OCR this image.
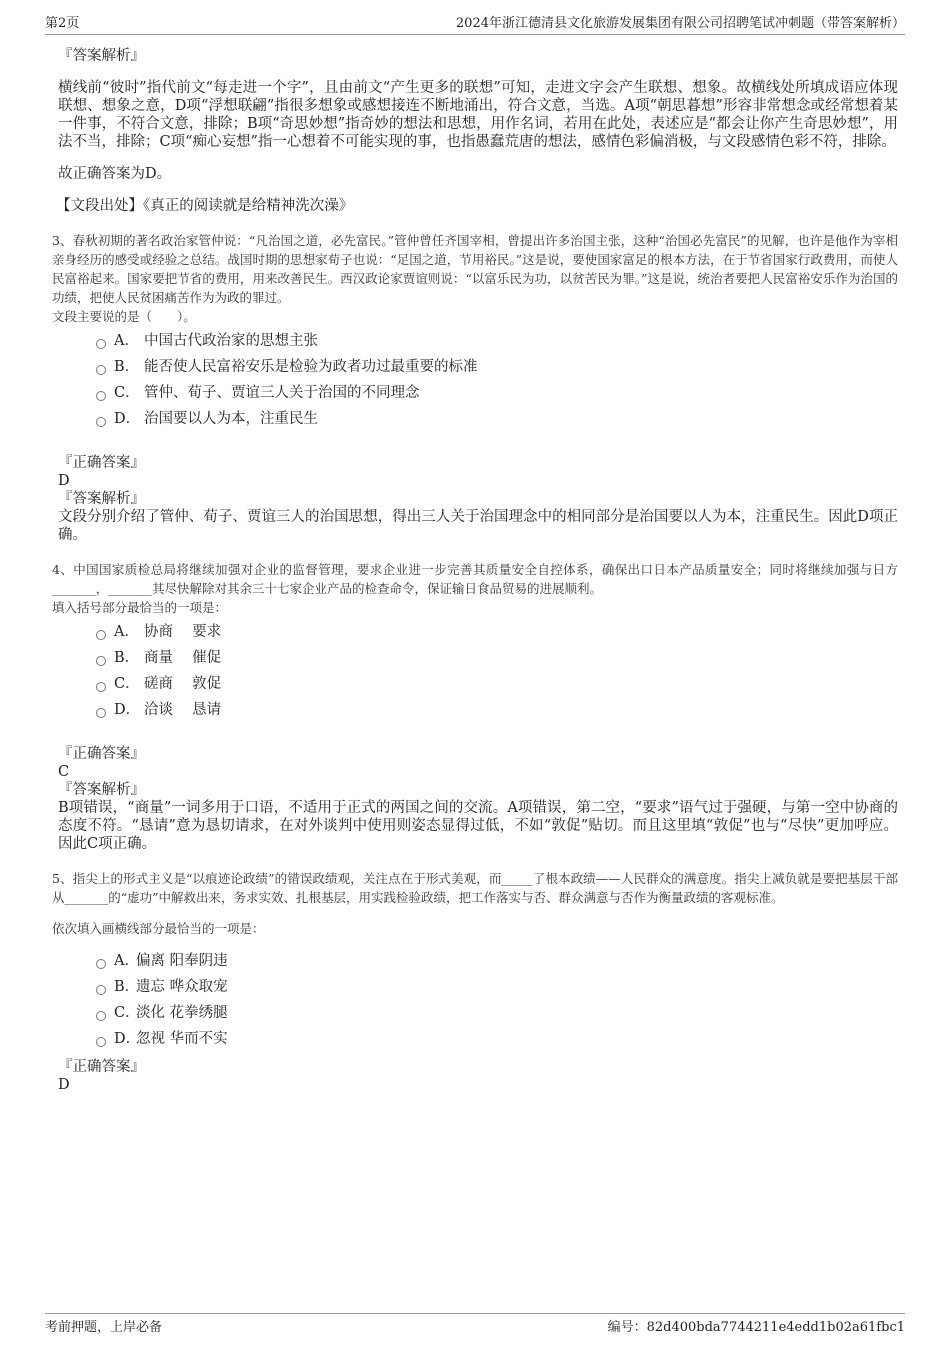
第2页	2024年浙江德清县文化旅游发展集团有限公司招聘笔试冲刺题（带答案解析）
『答案解析』
横线前“彼时”指代前文“每走进一个字”，且由前文“产生更多的联想”可知，走进文字会产生联想、想象。故横线处所填成语应体现联想、想象之意，D项“浮想联翩”指很多想象或感想接连不断地涌出，符合文意，当选。A项“朝思暮想”形容非常想念或经常想着某一件事，不符合文意，排除；B项“奇思妙想”指奇妙的想法和思想，用作名词，若用在此处，表述应是“都会让你产生奇思妙想”，用法不当，排除；C项“痴心妄想”指一心想着不可能实现的事，也指愚蠢荒唐的想法，感情色彩偏消极，与文段感情色彩不符，排除。
故正确答案为D。
【文段出处】《真正的阅读就是给精神洗次澡》
3、春秋初期的著名政治家管仲说：“凡治国之道，必先富民。”管仲曾任齐国宰相，曾提出许多治国主张，这种“治国必先富民”的见解，也许是他作为宰相亲身经历的感受或经验之总结。战国时期的思想家荀子也说：“足国之道，节用裕民。”这是说，要使国家富足的根本方法，在于节省国家行政费用，而使人民富裕起来。国家要把节省的费用，用来改善民生。西汉政论家贾谊则说：“以富乐民为功，以贫苦民为罪。”这是说，统治者要把人民富裕安乐作为治国的功绩，把使人民贫困痛苦作为为政的罪过。
文段主要说的是（　　）。
A． 中国古代政治家的思想主张
B． 能否使人民富裕安乐是检验为政者功过最重要的标准
C． 管仲、荀子、贾谊三人关于治国的不同理念
D． 治国要以人为本，注重民生
『正确答案』
D
『答案解析』
文段分别介绍了管仲、荀子、贾谊三人的治国思想，得出三人关于治国理念中的相同部分是治国要以人为本，注重民生。因此D项正确。
4、中国国家质检总局将继续加强对企业的监督管理，要求企业进一步完善其质量安全自控体系，确保出口日本产品质量安全；同时将继续加强与日方_______，_______其尽快解除对其余三十七家企业产品的检查命令，保证输日食品贸易的进展顺利。
填入括号部分最恰当的一项是：
A． 协商　 要求
B． 商量　 催促
C． 磋商　 敦促
D． 洽谈　 恳请
『正确答案』
C
『答案解析』
B项错误，“商量”一词多用于口语，不适用于正式的两国之间的交流。A项错误，第二空，“要求”语气过于强硬，与第一空中协商的态度不符。“恳请”意为恳切请求，在对外谈判中使用则姿态显得过低，不如“敦促”贴切。而且这里填“敦促”也与“尽快”更加呼应。因此C项正确。
5、指尖上的形式主义是“以痕迹论政绩”的错误政绩观，关注点在于形式美观，而_____了根本政绩——人民群众的满意度。指尖上减负就是要把基层干部从_______的“虚功”中解救出来，务求实效、扎根基层，用实践检验政绩，把工作落实与否、群众满意与否作为衡量政绩的客观标准。
依次填入画横线部分最恰当的一项是：
A．
偏离 阳奉阴违
B．
遗忘 哗众取宠
C．
淡化 花拳绣腿
D．
忽视 华而不实
『正确答案』
D
考前押题，上岸必备	编号：82d400bda7744211e4edd1b02a61fbc1
